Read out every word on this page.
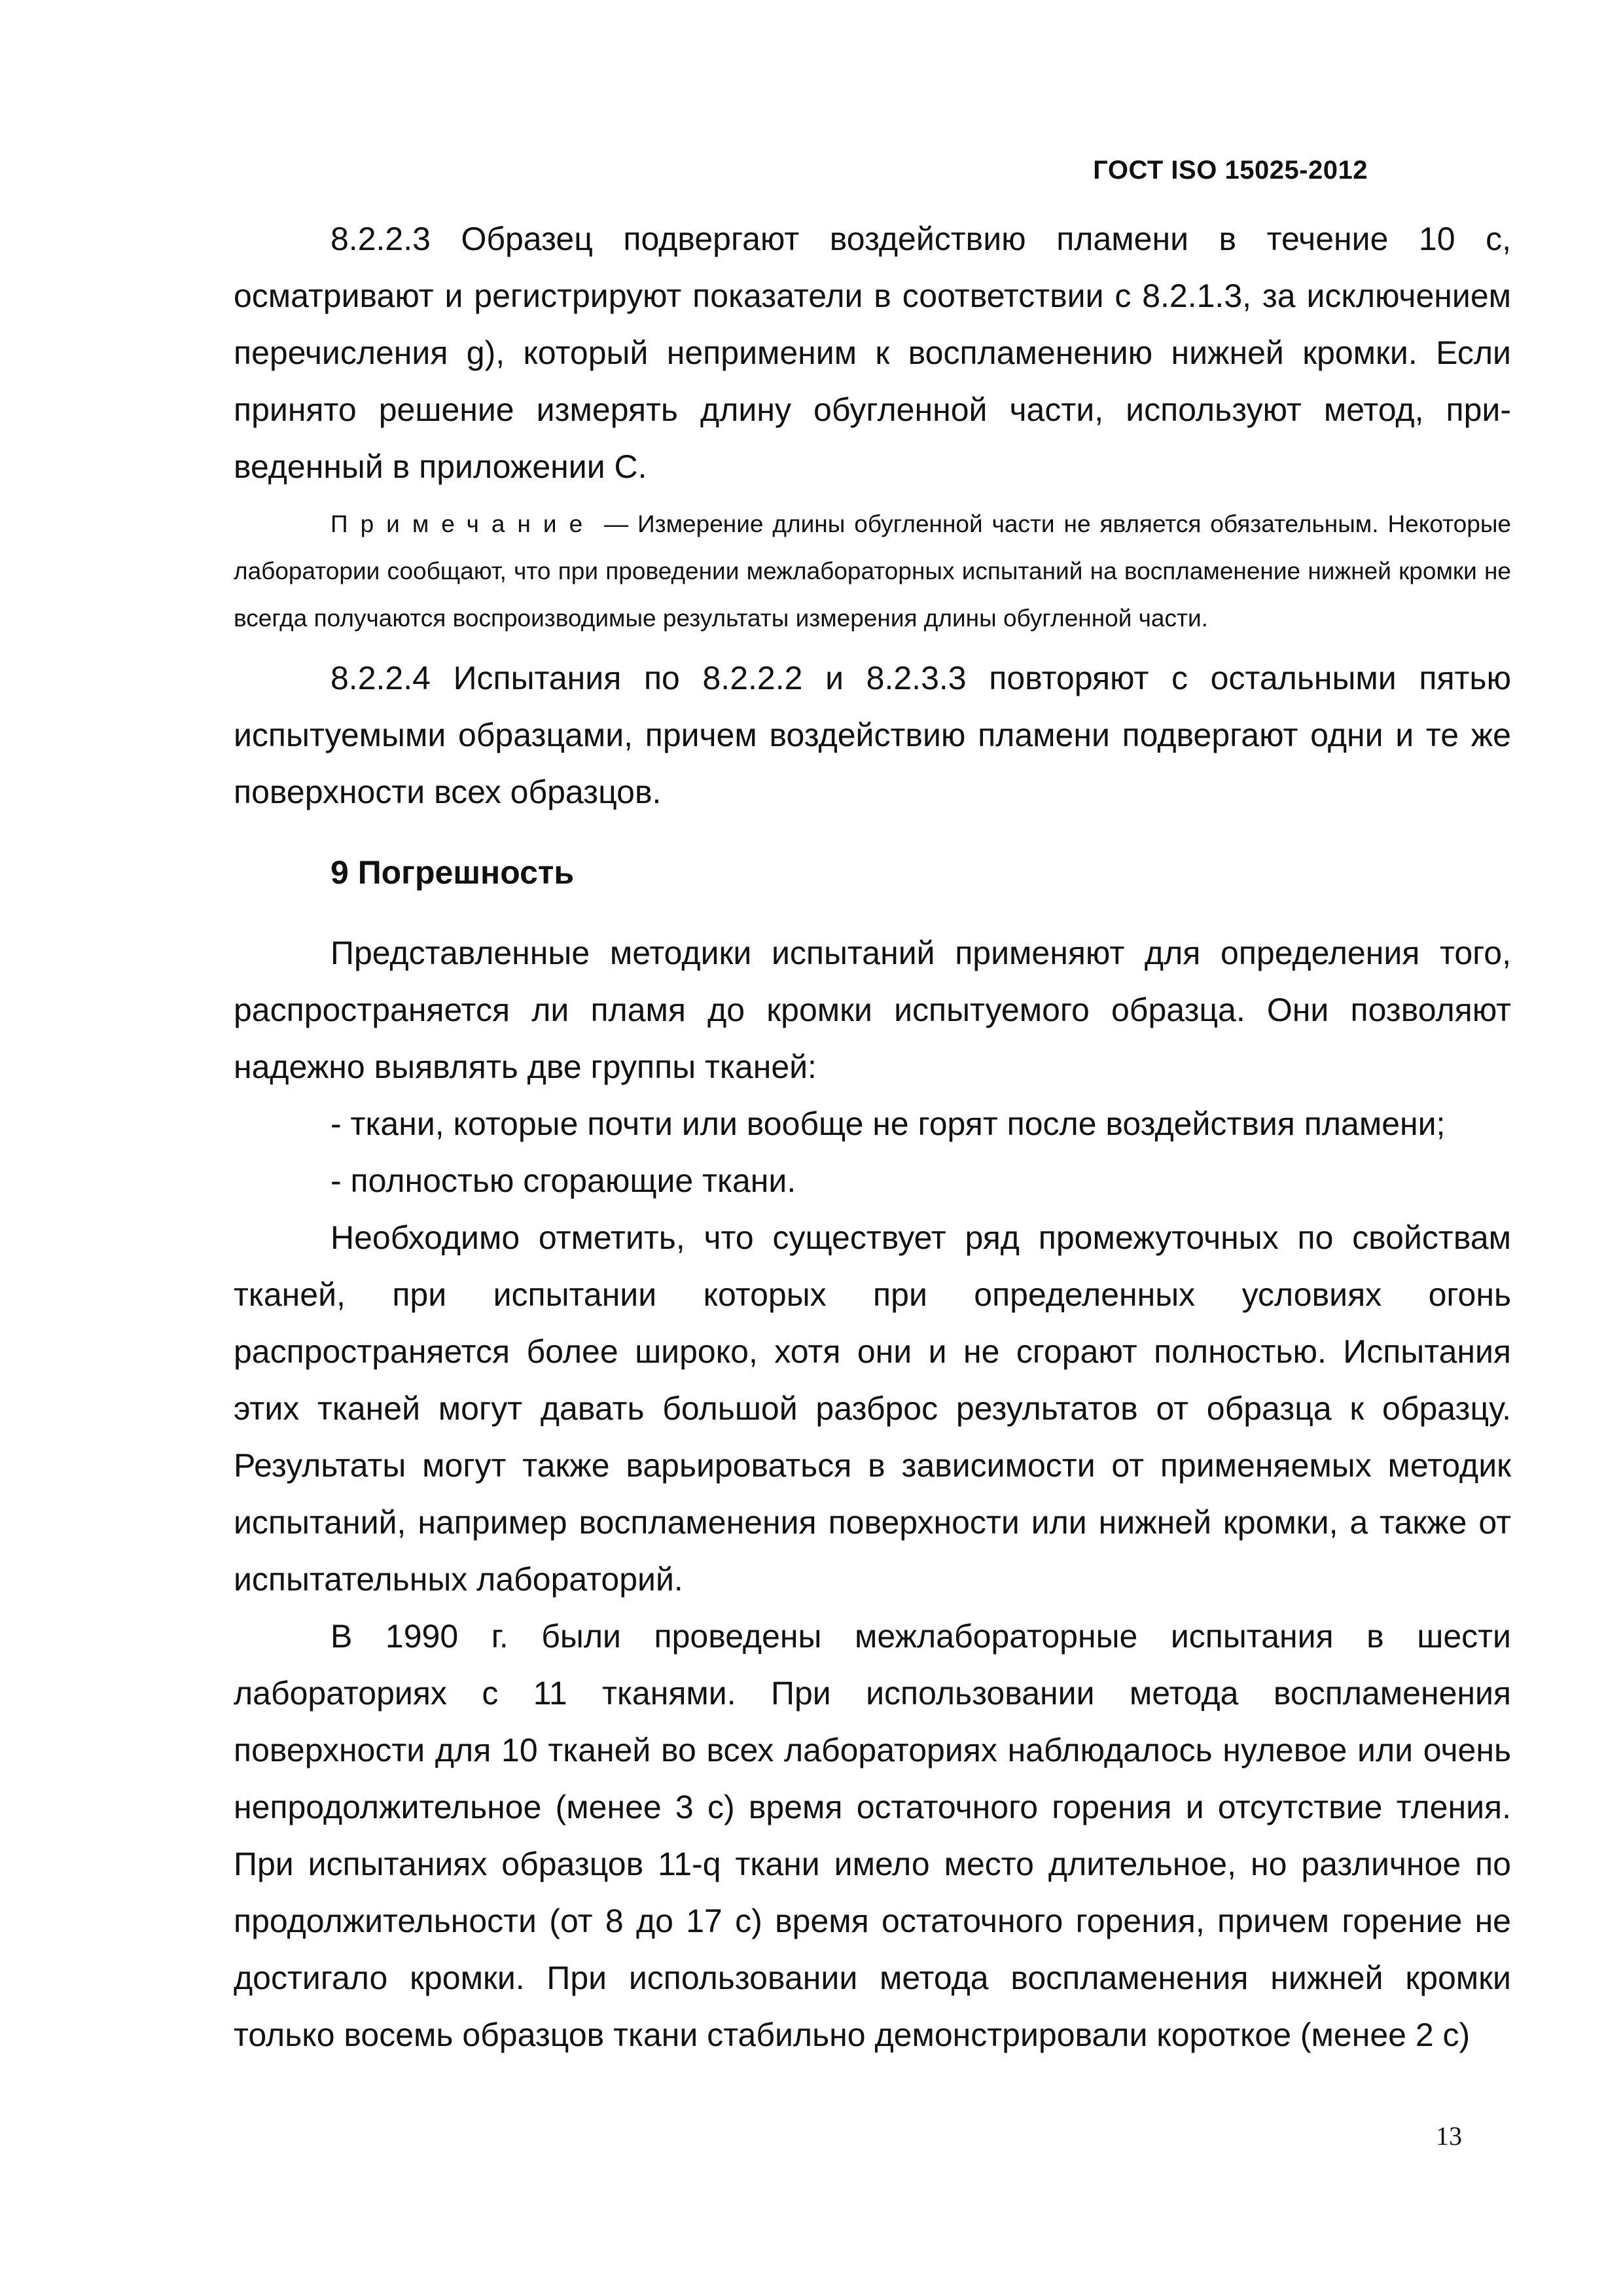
ГОСТ ISO 15025-2012

8.2.2.3 Образец подвергают воздействию пламени в течение 10 с, осматривают и регистрируют показатели в соответствии с 8.2.1.3, за исключением перечисления g), который неприменим к воспламенению нижней кромки. Если принято решение измерять длину обугленной части, используют метод, при-веденный в приложении С.

Примечание — Измерение длины обугленной части не является обязательным. Некоторые лаборатории сообщают, что при проведении межлабораторных испытаний на воспламенение нижней кромки не всегда получаются воспроизводимые результаты измерения длины обугленной части.

8.2.2.4 Испытания по 8.2.2.2 и 8.2.3.3 повторяют с остальными пятью испытуемыми образцами, причем воздействию пламени подвергают одни и те же поверхности всех образцов.

9 Погрешность

Представленные методики испытаний применяют для определения того, распространяется ли пламя до кромки испытуемого образца. Они позволяют надежно выявлять две группы тканей:

- ткани, которые почти или вообще не горят после воздействия пламени;

- полностью сгорающие ткани.

Необходимо отметить, что существует ряд промежуточных по свойствам тканей, при испытании которых при определенных условиях огонь распространяется более широко, хотя они и не сгорают полностью. Испытания этих тканей могут давать большой разброс результатов от образца к образцу. Результаты могут также варьироваться в зависимости от применяемых методик испытаний, например воспламенения поверхности или нижней кромки, а также от испытательных лабораторий.

В 1990 г. были проведены межлабораторные испытания в шести лабораториях с 11 тканями. При использовании метода воспламенения поверхности для 10 тканей во всех лабораториях наблюдалось нулевое или очень непродолжительное (менее 3 с) время остаточного горения и отсутствие тления. При испытаниях образцов 11-q ткани имело место длительное, но различное по продолжительности (от 8 до 17 с) время остаточного горения, причем горение не достигало кромки. При использовании метода воспламенения нижней кромки только восемь образцов ткани стабильно демонстрировали короткое (менее 2 с)

13
